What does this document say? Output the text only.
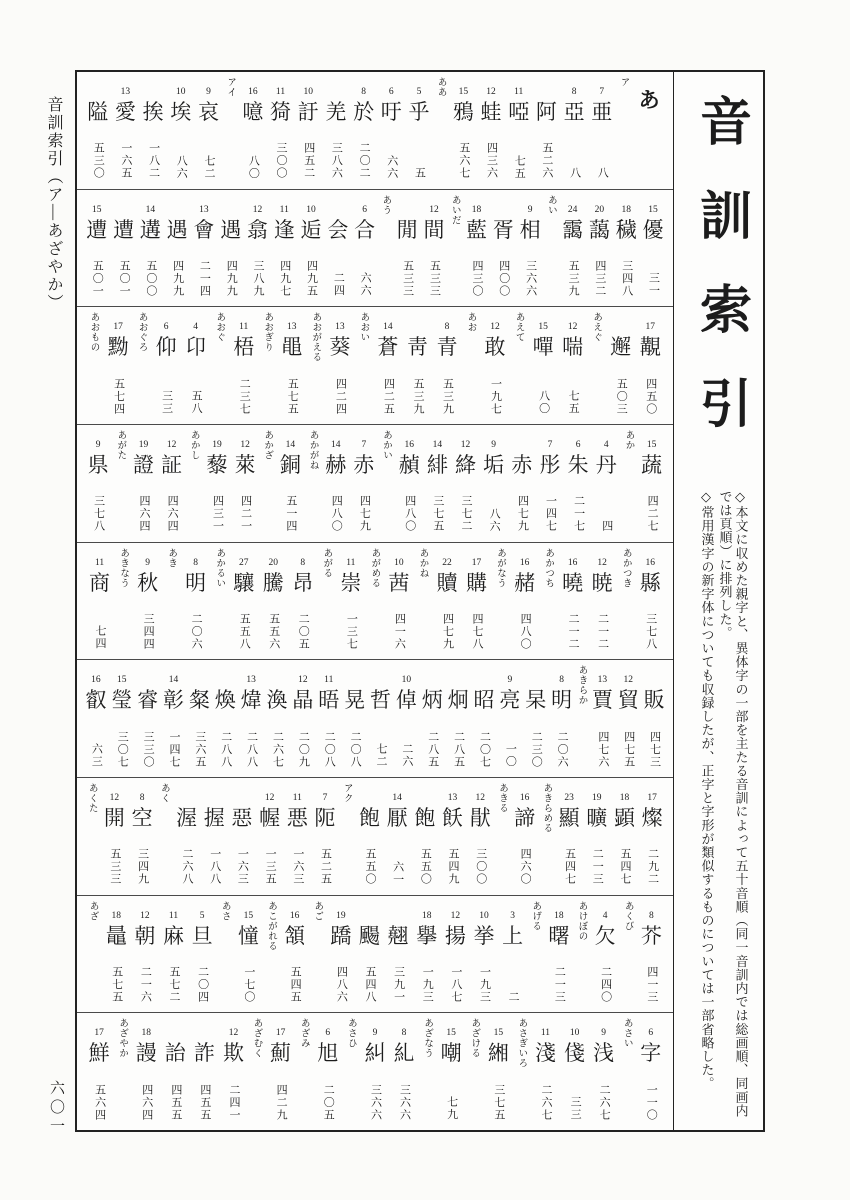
音訓索引（ア―あざやか）
六〇一
あ
ア
7
亜
八
8
亞
八
阿
五二六
11
啞
七五
12
蛙
四三六
15
鴉
五六七
ああ
5
乎
五
6
吁
六六
8
於
二〇二
羌
三八六
10
訏
四五二
11
猗
三〇〇
16
噫
八〇
アイ
9
哀
七二
10
埃
八六
挨
一八二
13
愛
一六五
隘
五三〇
15
優
三一
18
穢
三四八
20
藹
四三二
24
靄
五三九
あい
9
相
三六六
胥
四〇〇
18
藍
四三〇
あいだ
12
間
五三三
閒
五三三
あう
6
合
六六
会
二四
10
逅
四九五
11
逢
四九七
12
翕
三八九
遇
四九九
13
會
二一四
遇
四九九
14
遘
五〇〇
遭
五〇一
15
遭
五〇一
17
覯
四五〇
邂
五〇三
あえぐ
12
喘
七五
15
嘽
八〇
あえて
12
敢
一九七
あお
8
青
五三九
靑
五三九
14
蒼
四二五
あおい
13
葵
四二四
あおがえる
13
黽
五七五
あおぎり
11
梧
二三七
あおぐ
4
卬
五八
6
仰
三三
あおぐろ
17
黝
五七四
あおもの
15
蔬
四二七
あか
4
丹
四
6
朱
二一七
7
彤
一四七
赤
四七九
9
垢
八六
12
絳
三七二
14
緋
三七五
16
赬
四八〇
あかい
7
赤
四七九
14
赫
四八〇
あかがね
14
銅
五一四
あかざ
12
萊
四二一
19
藜
四三一
あかし
12
証
四六四
19
證
四六四
あがた
9
県
三七八
16
縣
三七八
あかつき
12
暁
二一二
16
曉
二一二
あかつち
16
赭
四八〇
あがなう
17
購
四七八
22
贖
四七九
あかね
10
茜
四一六
あがめる
11
崇
一三七
あがる
8
昂
二〇五
20
騰
五五六
27
驤
五五八
あかるい
8
明
二〇六
あき
9
秋
三四四
あきなう
11
商
七四
販
四七三
12
貿
四七五
13
賈
四七六
あきらか
8
明
二〇六
杲
二三〇
9
亮
一〇
昭
二〇七
炯
二八五
炳
二八五
10
倬
二六
哲
七二
晃
二〇八
11
晤
二〇八
12
晶
二〇九
渙
二六七
13
煒
二八八
煥
二八八
粲
三六五
14
彰
一四七
睿
三三〇
15
瑩
三〇七
16
叡
六三
17
燦
二九二
18
顕
五四七
19
曠
二一三
23
顯
五四七
あきらめる
16
諦
四六〇
あきる
12
猒
三〇〇
13
飫
五四九
飽
五五〇
14
厭
六一
飽
五五〇
アク
7
阨
五二五
11
悪
一六三
12
幄
一三五
惡
一六三
握
一八八
渥
二六八
あく
8
空
三四九
12
開
五三三
あくた
8
芥
四一三
あくび
4
欠
二四〇
あけぼの
18
曙
二一三
あげる
3
上
二
10
挙
一九三
12
揚
一八七
18
擧
一九三
翹
三九一
颺
五四八
19
蹻
四八六
あご
16
頷
五四五
あこがれる
15
憧
一七〇
あさ
5
旦
二〇四
11
麻
五七二
12
朝
二一六
18
鼂
五七五
あざ
6
字
一一〇
あさい
9
浅
二六七
10
俴
三三
11
淺
二六七
あさぎいろ
15
緗
三七五
あざける
15
嘲
七九
あざなう
8
糺
三六六
9
糾
三六六
あさひ
6
旭
二〇五
あざみ
17
薊
四二九
あざむく
12
欺
二四一
詐
四五五
詒
四五五
18
謾
四六四
あざやか
17
鮮
五六四
音訓索引
◇本文に収めた親字と、異体字の一部を主たる音訓によって五十音順（同一音訓内では総画順、同画内では頁順）に排列した。
◇常用漢字の新字体についても収録したが、正字と字形が類似するものについては一部省略した。
